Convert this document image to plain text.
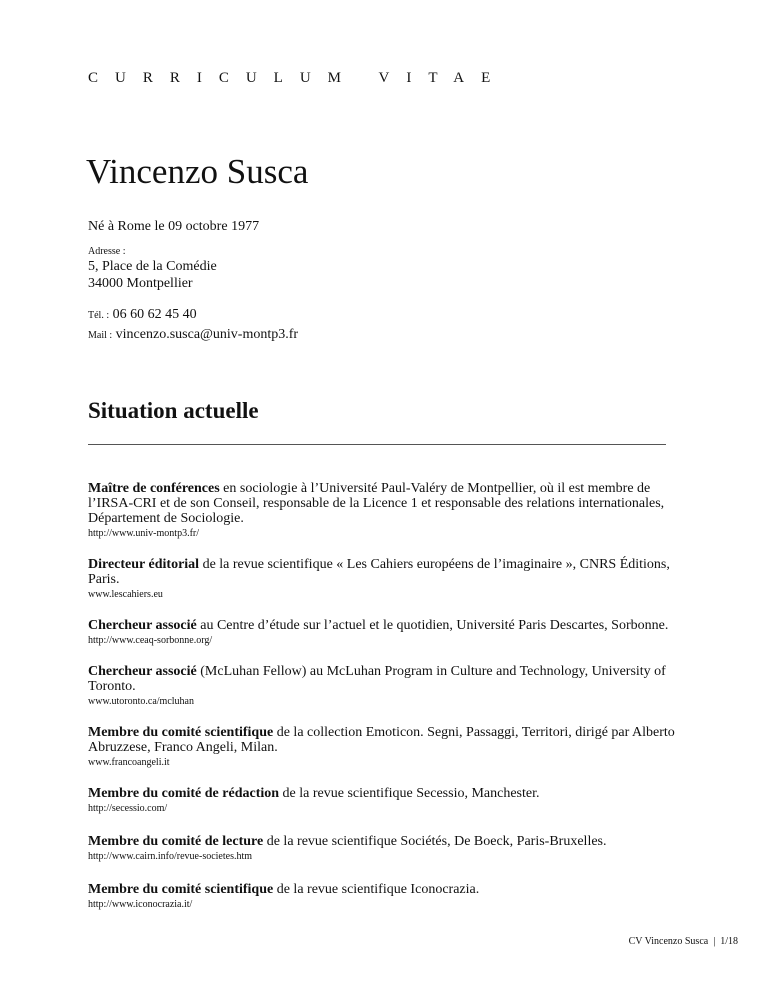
CURRICULUM VITAE
Vincenzo Susca
Né à Rome le 09 octobre 1977
Adresse :
5, Place de la Comédie
34000 Montpellier
Tél. : 06 60 62 45 40
Mail : vincenzo.susca@univ-montp3.fr
Situation actuelle
Maître de conférences en sociologie à l’Université Paul-Valéry de Montpellier, où il est membre de l’IRSA-CRI et de son Conseil, responsable de la Licence 1 et responsable des relations internationales, Département de Sociologie.
http://www.univ-montp3.fr/
Directeur éditorial de la revue scientifique « Les Cahiers européens de l’imaginaire », CNRS Éditions, Paris.
www.lescahiers.eu
Chercheur associé au Centre d’étude sur l’actuel et le quotidien, Université Paris Descartes, Sorbonne.
http://www.ceaq-sorbonne.org/
Chercheur associé (McLuhan Fellow) au McLuhan Program in Culture and Technology, University of Toronto.
www.utoronto.ca/mcluhan
Membre du comité scientifique de la collection Emoticon. Segni, Passaggi, Territori, dirigé par Alberto Abruzzese, Franco Angeli, Milan.
www.francoangeli.it
Membre du comité de rédaction de la revue scientifique Secessio, Manchester.
http://secessio.com/
Membre du comité de lecture de la revue scientifique Sociétés, De Boeck, Paris-Bruxelles.
http://www.cairn.info/revue-societes.htm
Membre du comité scientifique de la revue scientifique Iconocrazia.
http://www.iconocrazia.it/
CV Vincenzo Susca | 1/18
